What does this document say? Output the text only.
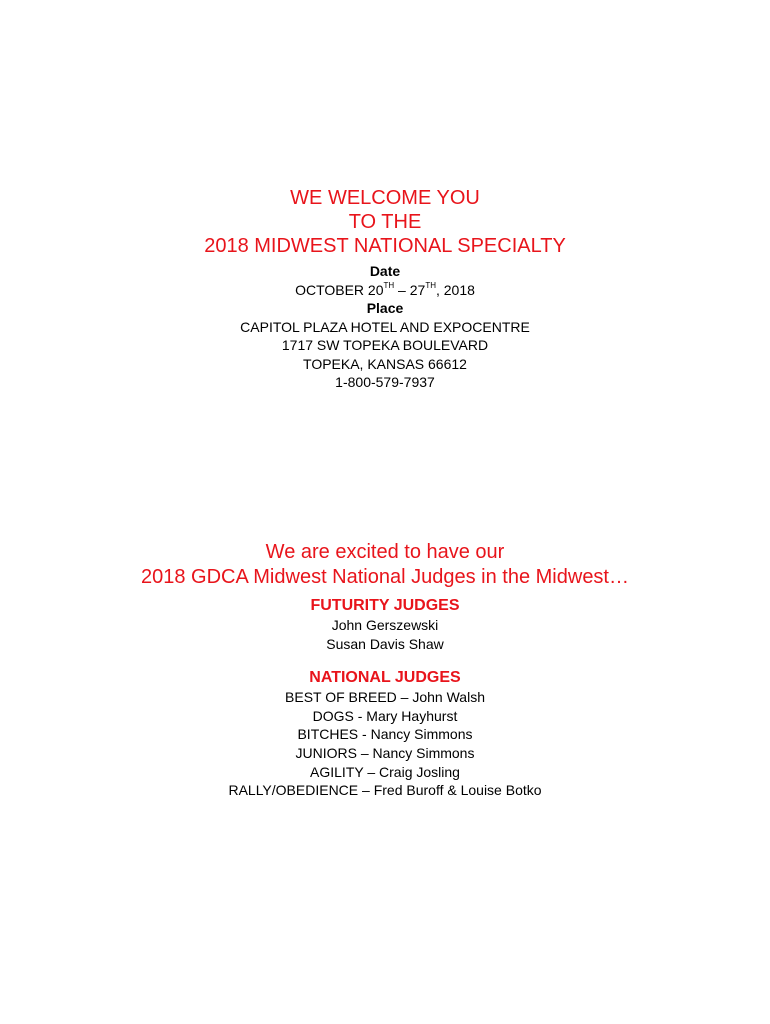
WE WELCOME YOU
TO THE
2018 MIDWEST NATIONAL SPECIALTY
Date
OCTOBER 20TH – 27TH, 2018
Place
CAPITOL PLAZA HOTEL AND EXPOCENTRE
1717 SW TOPEKA BOULEVARD
TOPEKA, KANSAS 66612
1-800-579-7937
We are excited to have our
2018 GDCA Midwest National Judges in the Midwest…
FUTURITY JUDGES
John Gerszewski
Susan Davis Shaw
NATIONAL JUDGES
BEST OF BREED – John Walsh
DOGS - Mary Hayhurst
BITCHES - Nancy Simmons
JUNIORS – Nancy Simmons
AGILITY – Craig Josling
RALLY/OBEDIENCE – Fred Buroff & Louise Botko
